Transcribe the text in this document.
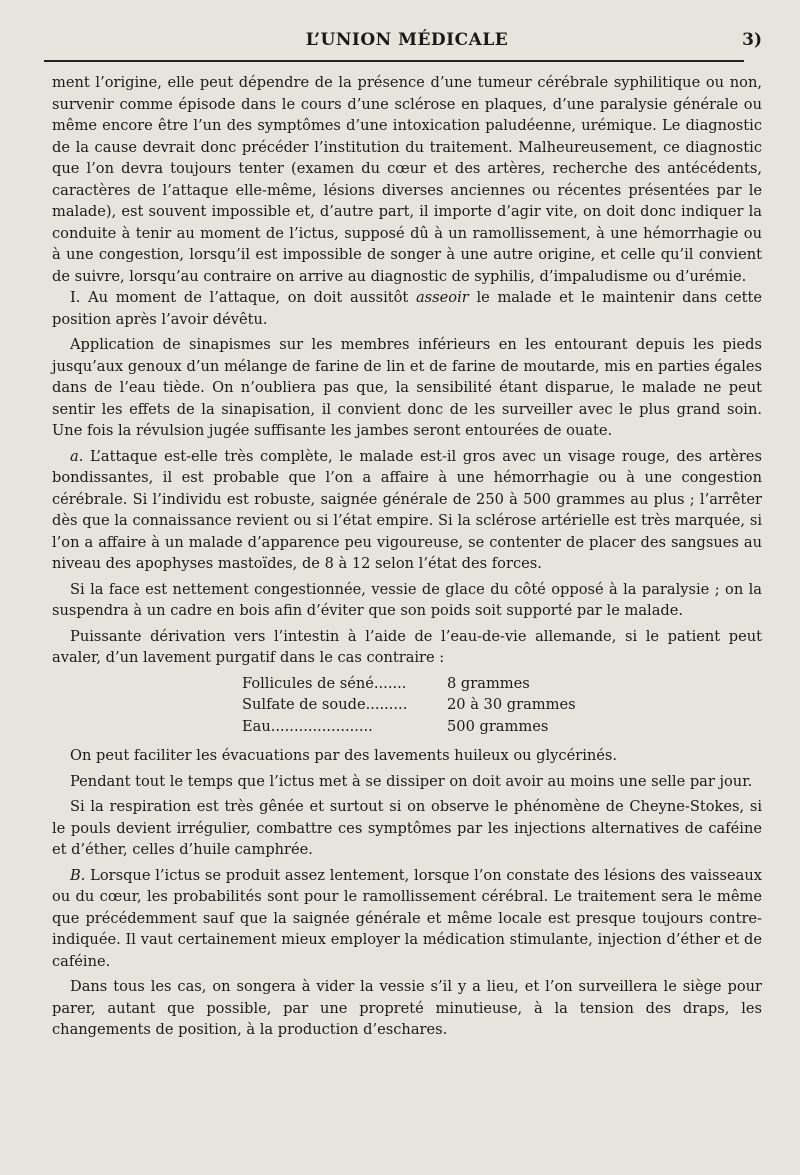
L’UNION MÉDICALE	3)

ment l’origine, elle peut dépendre de la présence d’une tumeur cérébrale syphilitique ou non, survenir comme épisode dans le cours d’une sclérose en plaques, d’une paralysie générale ou même encore être l’un des symptômes d’une intoxication paludéenne, urémique. Le diagnostic de la cause devrait donc précéder l’institution du traitement. Malheureusement, ce diagnostic que l’on devra toujours tenter (examen du cœur et des artères, recherche des antécédents, caractères de l’attaque elle-même, lésions diverses anciennes ou récentes présentées par le malade), est souvent impossible et, d’autre part, il importe d’agir vite, on doit donc indiquer la conduite à tenir au moment de l’ictus, supposé dû à un ramollissement, à une hémorrhagie ou à une congestion, lorsqu’il est impossible de songer à une autre origine, et celle qu’il convient de suivre, lorsqu’au contraire on arrive au diagnostic de syphilis, d’impaludisme ou d’urémie.

I. Au moment de l’attaque, on doit aussitôt asseoir le malade et le maintenir dans cette position après l’avoir dévêtu.

Application de sinapismes sur les membres inférieurs en les entourant depuis les pieds jusqu’aux genoux d’un mélange de farine de lin et de farine de moutarde, mis en parties égales dans de l’eau tiède. On n’oubliera pas que, la sensibilité étant disparue, le malade ne peut sentir les effets de la sinapisation, il convient donc de les surveiller avec le plus grand soin. Une fois la révulsion jugée suffisante les jambes seront entourées de ouate.

a. L’attaque est-elle très complète, le malade est-il gros avec un visage rouge, des artères bondissantes, il est probable que l’on a affaire à une hémorrhagie ou à une congestion cérébrale. Si l’individu est robuste, saignée générale de 250 à 500 grammes au plus ; l’arrêter dès que la connaissance revient ou si l’état empire. Si la sclérose artérielle est très marquée, si l’on a affaire à un malade d’apparence peu vigoureuse, se contenter de placer des sangsues au niveau des apophyses mastoïdes, de 8 à 12 selon l’état des forces.

Si la face est nettement congestionnée, vessie de glace du côté opposé à la paralysie ; on la suspendra à un cadre en bois afin d’éviter que son poids soit supporté par le malade.

Puissante dérivation vers l’intestin à l’aide de l’eau-de-vie allemande, si le patient peut avaler, d’un lavement purgatif dans le cas contraire :

Follicules de séné.......	8 grammes
Sulfate de soude.........	20 à 30 grammes
Eau......................	500 grammes

On peut faciliter les évacuations par des lavements huileux ou glycérinés.

Pendant tout le temps que l’ictus met à se dissiper on doit avoir au moins une selle par jour.

Si la respiration est très gênée et surtout si on observe le phénomène de Cheyne-Stokes, si le pouls devient irrégulier, combattre ces symptômes par les injections alternatives de caféine et d’éther, celles d’huile camphrée.

B. Lorsque l’ictus se produit assez lentement, lorsque l’on constate des lésions des vaisseaux ou du cœur, les probabilités sont pour le ramollissement cérébral. Le traitement sera le même que précédemment sauf que la saignée générale et même locale est presque toujours contre-indiquée. Il vaut certainement mieux employer la médication stimulante, injection d’éther et de caféine.

Dans tous les cas, on songera à vider la vessie s’il y a lieu, et l’on surveillera le siège pour parer, autant que possible, par une propreté minutieuse, à la tension des draps, les changements de position, à la production d’eschares.
